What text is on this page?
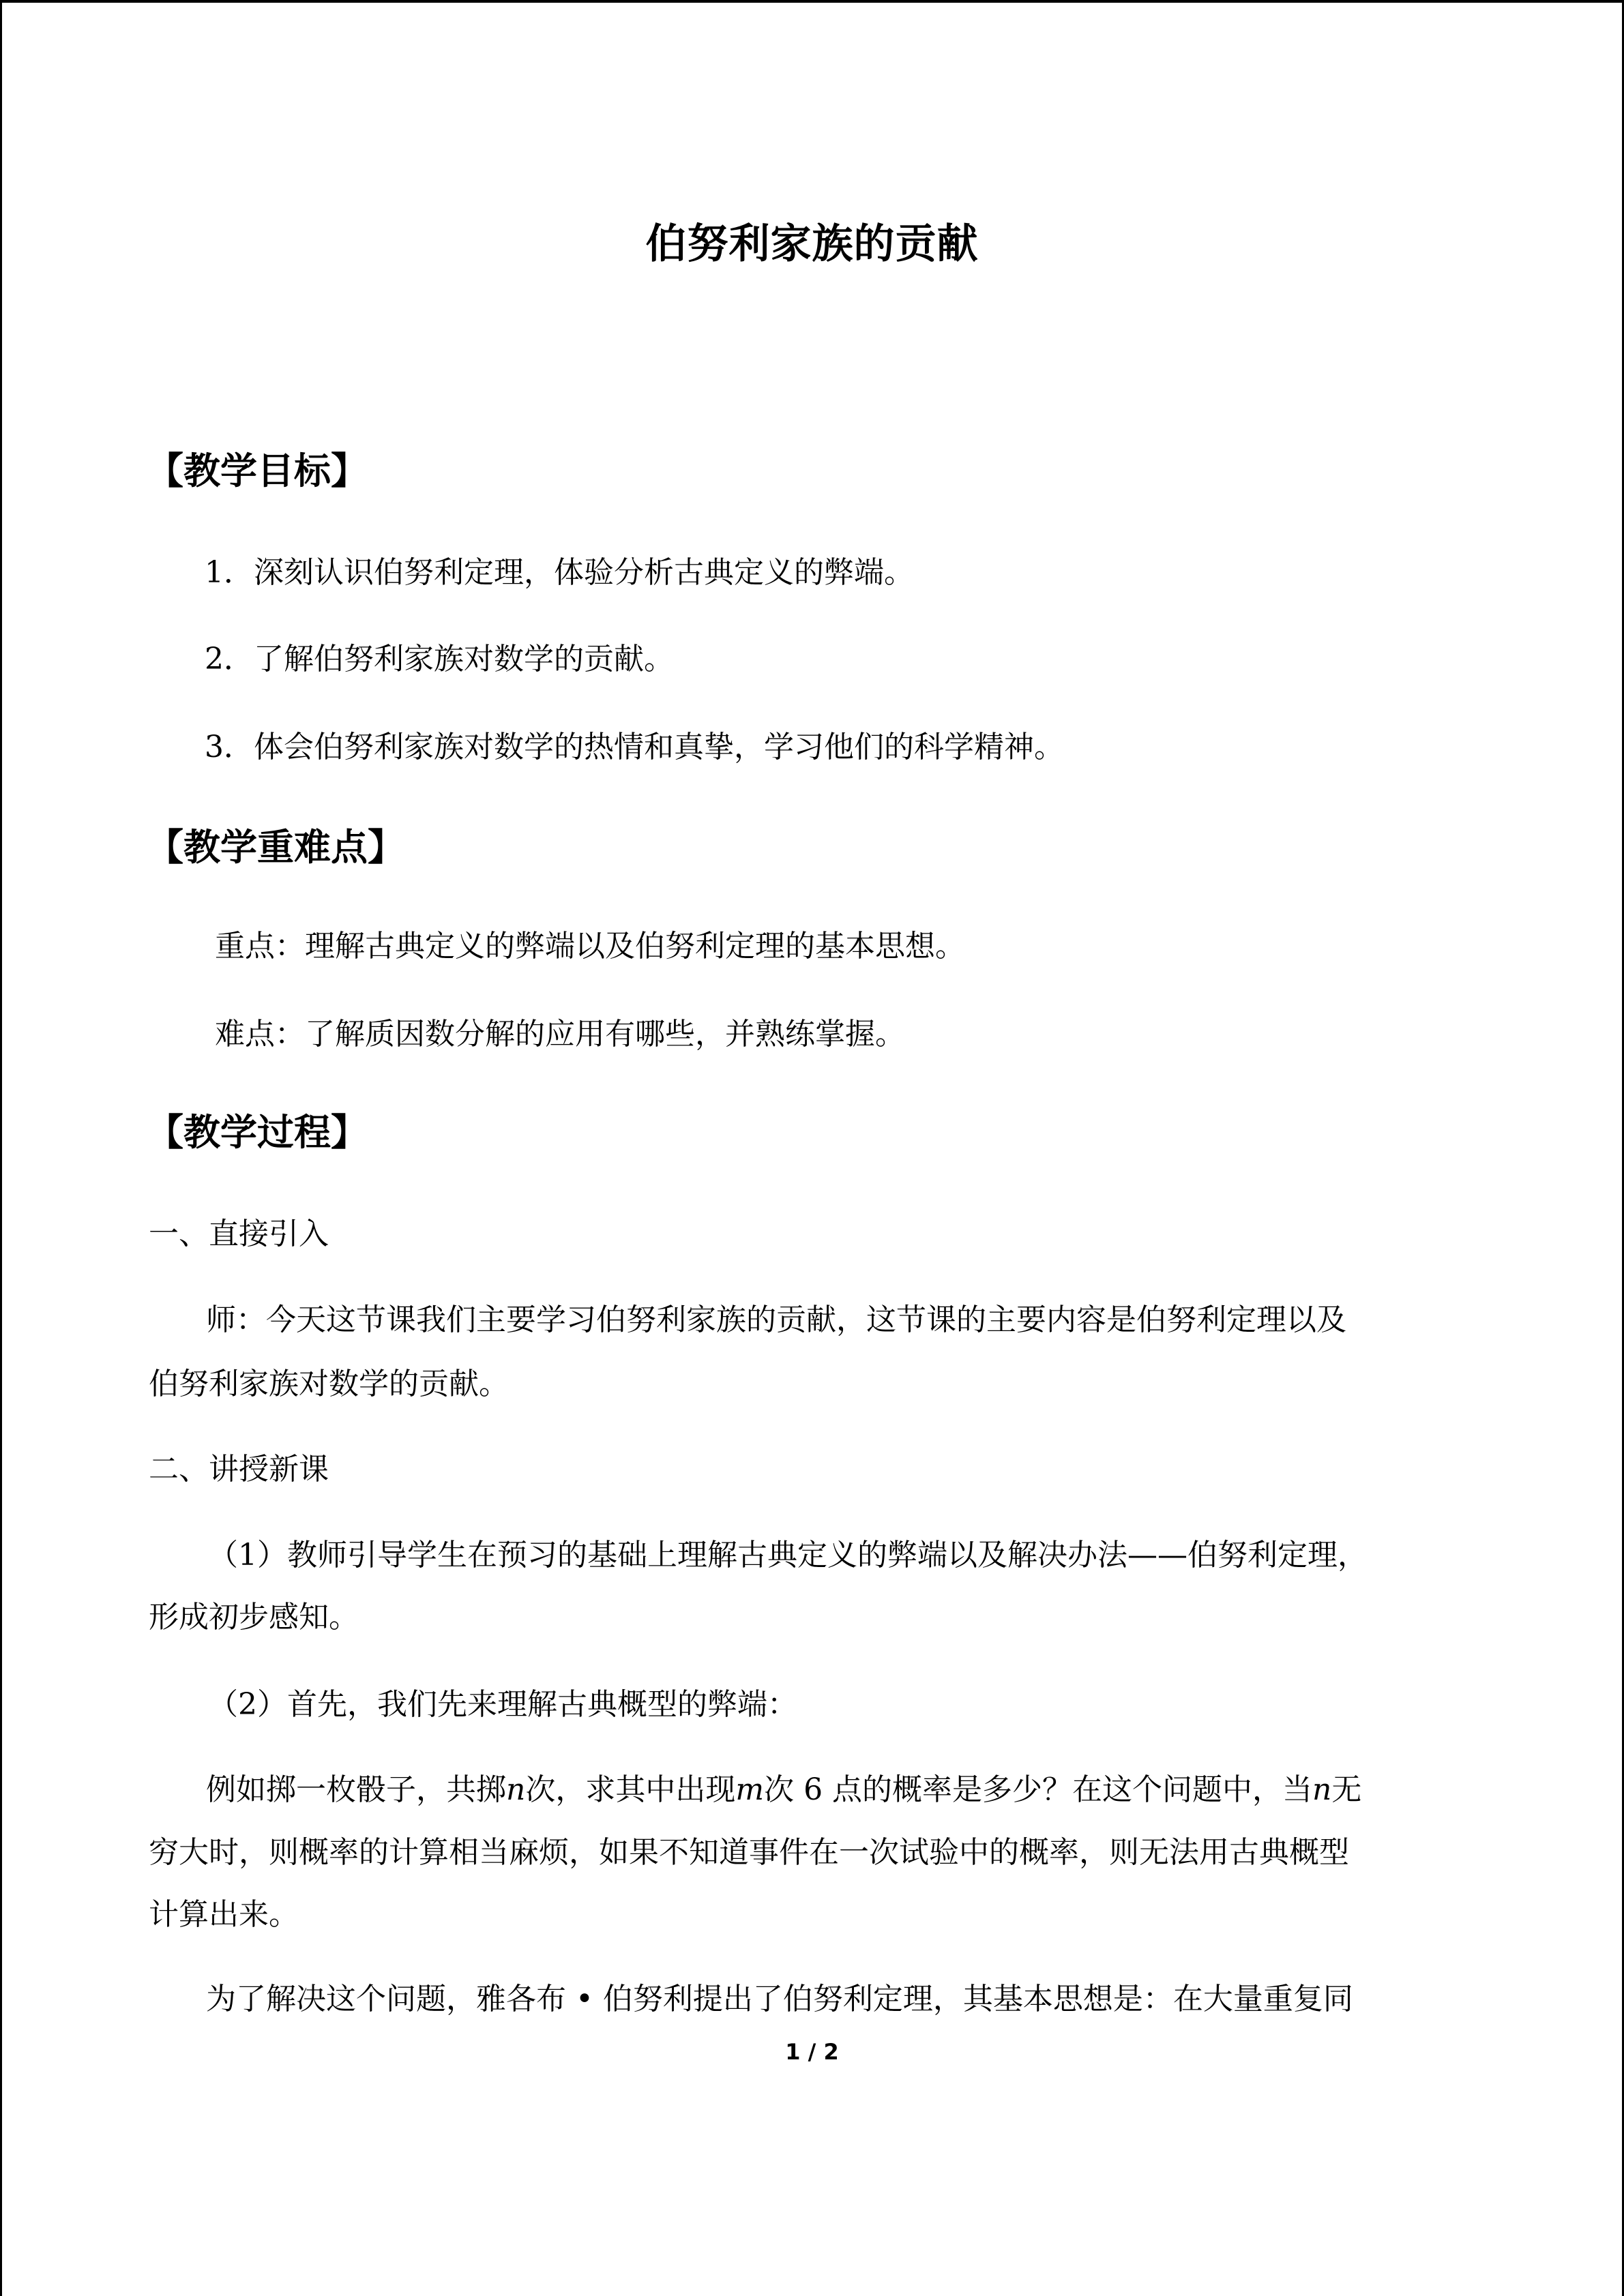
伯努利家族的贡献
【教学目标】
1．深刻认识伯努利定理，体验分析古典定义的弊端。
2．了解伯努利家族对数学的贡献。
3．体会伯努利家族对数学的热情和真挚，学习他们的科学精神。
【教学重难点】
重点：理解古典定义的弊端以及伯努利定理的基本思想。
难点：了解质因数分解的应用有哪些，并熟练掌握。
【教学过程】
一、直接引入
师：今天这节课我们主要学习伯努利家族的贡献，这节课的主要内容是伯努利定理以及
伯努利家族对数学的贡献。
二、讲授新课
（1）教师引导学生在预习的基础上理解古典定义的弊端以及解决办法——伯努利定理，
形成初步感知。
（2）首先，我们先来理解古典概型的弊端：
例如掷一枚骰子，共掷n次，求其中出现m次 6 点的概率是多少？在这个问题中，当n无
穷大时，则概率的计算相当麻烦，如果不知道事件在一次试验中的概率，则无法用古典概型
计算出来。
为了解决这个问题，雅各布 • 伯努利提出了伯努利定理，其基本思想是：在大量重复同
1 / 2
